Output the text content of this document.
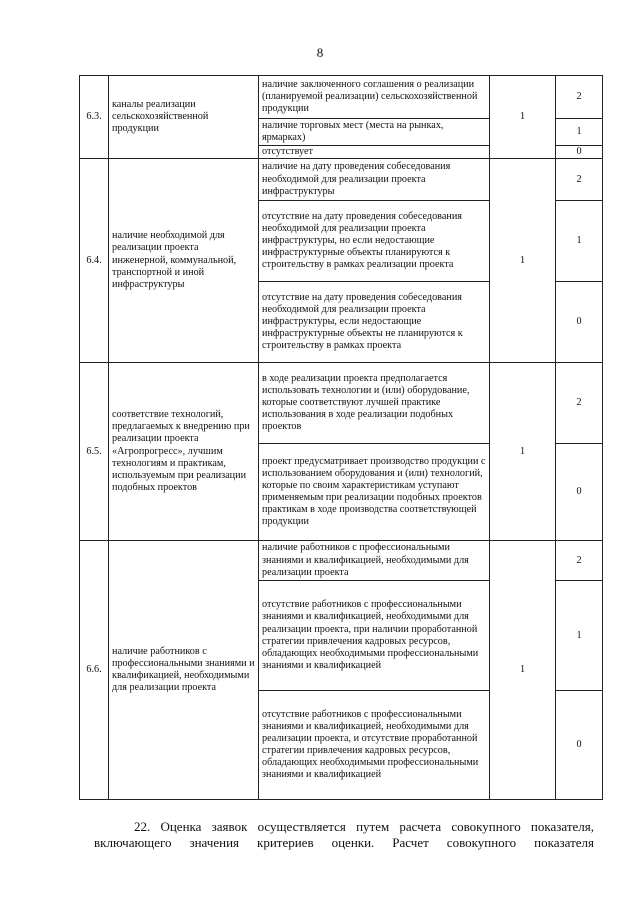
8
6.3.	каналы реализации сельскохозяйственной продукции	наличие заключенного соглашения о реализации (планируемой реализации) сельскохозяйственной продукции	1	2
		наличие торговых мест (места на рынках, ярмарках)		1
		отсутствует		0
6.4.	наличие необходимой для реализации проекта инженерной, коммунальной, транспортной и иной инфраструктуры	наличие на дату проведения собеседования необходимой для реализации проекта инфраструктуры	1	2
		отсутствие на дату проведения собеседования необходимой для реализации проекта инфраструктуры, но если недостающие инфраструктурные объекты планируются к строительству в рамках реализации проекта		1
		отсутствие на дату проведения собеседования необходимой для реализации проекта инфраструктуры, если недостающие инфраструктурные объекты не планируются к строительству в рамках проекта		0
6.5.	соответствие технологий, предлагаемых к внедрению при реализации проекта «Агропрогресс», лучшим технологиям и практикам, используемым при реализации подобных проектов	в ходе реализации проекта предполагается использовать технологии и (или) оборудование, которые соответствуют лучшей практике использования в ходе реализации подобных проектов	1	2
		проект предусматривает производство продукции с использованием оборудования и (или) технологий, которые по своим характеристикам уступают применяемым при реализации подобных проектов практикам в ходе производства соответствующей продукции		0
6.6.	наличие работников с профессиональными знаниями и квалификацией, необходимыми для реализации проекта	наличие работников с профессиональными знаниями и квалификацией, необходимыми для реализации проекта	1	2
		отсутствие работников с профессиональными знаниями и квалификацией, необходимыми для реализации проекта, при наличии проработанной стратегии привлечения кадровых ресурсов, обладающих необходимыми профессиональными знаниями и квалификацией		1
		отсутствие работников с профессиональными знаниями и квалификацией, необходимыми для реализации проекта, и отсутствие проработанной стратегии привлечения кадровых ресурсов, обладающих необходимыми профессиональными знаниями и квалификацией		0
22. Оценка заявок осуществляется путем расчета совокупного показателя,
включающего значения критериев оценки. Расчет совокупного показателя
